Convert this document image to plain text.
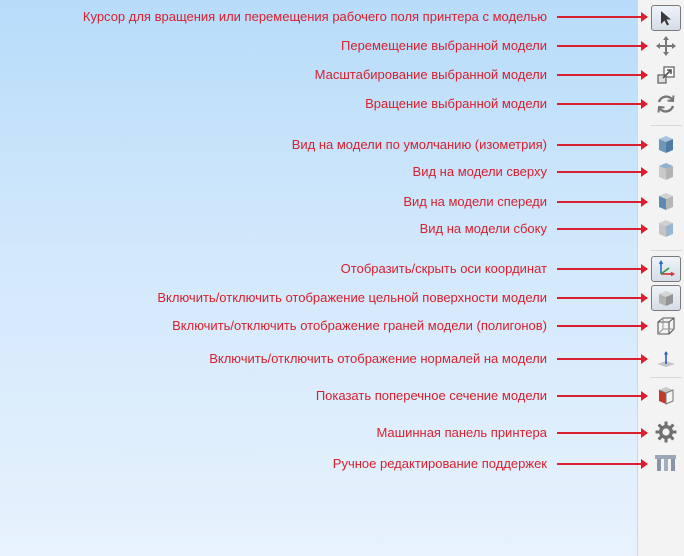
Курсор для вращения или перемещения рабочего поля принтера с моделью
Перемещение выбранной модели
Масштабирование выбранной модели
Вращение выбранной модели
Вид на модели по умолчанию (изометрия)
Вид на модели сверху
Вид на модели спереди
Вид на модели сбоку
Отобразить/скрыть оси координат
Включить/отключить отображение цельной поверхности модели
Включить/отключить отображение граней модели (полигонов)
Включить/отключить отображение нормалей на модели
Показать поперечное сечение модели
Машинная панель принтера
Ручное редактирование поддержек
